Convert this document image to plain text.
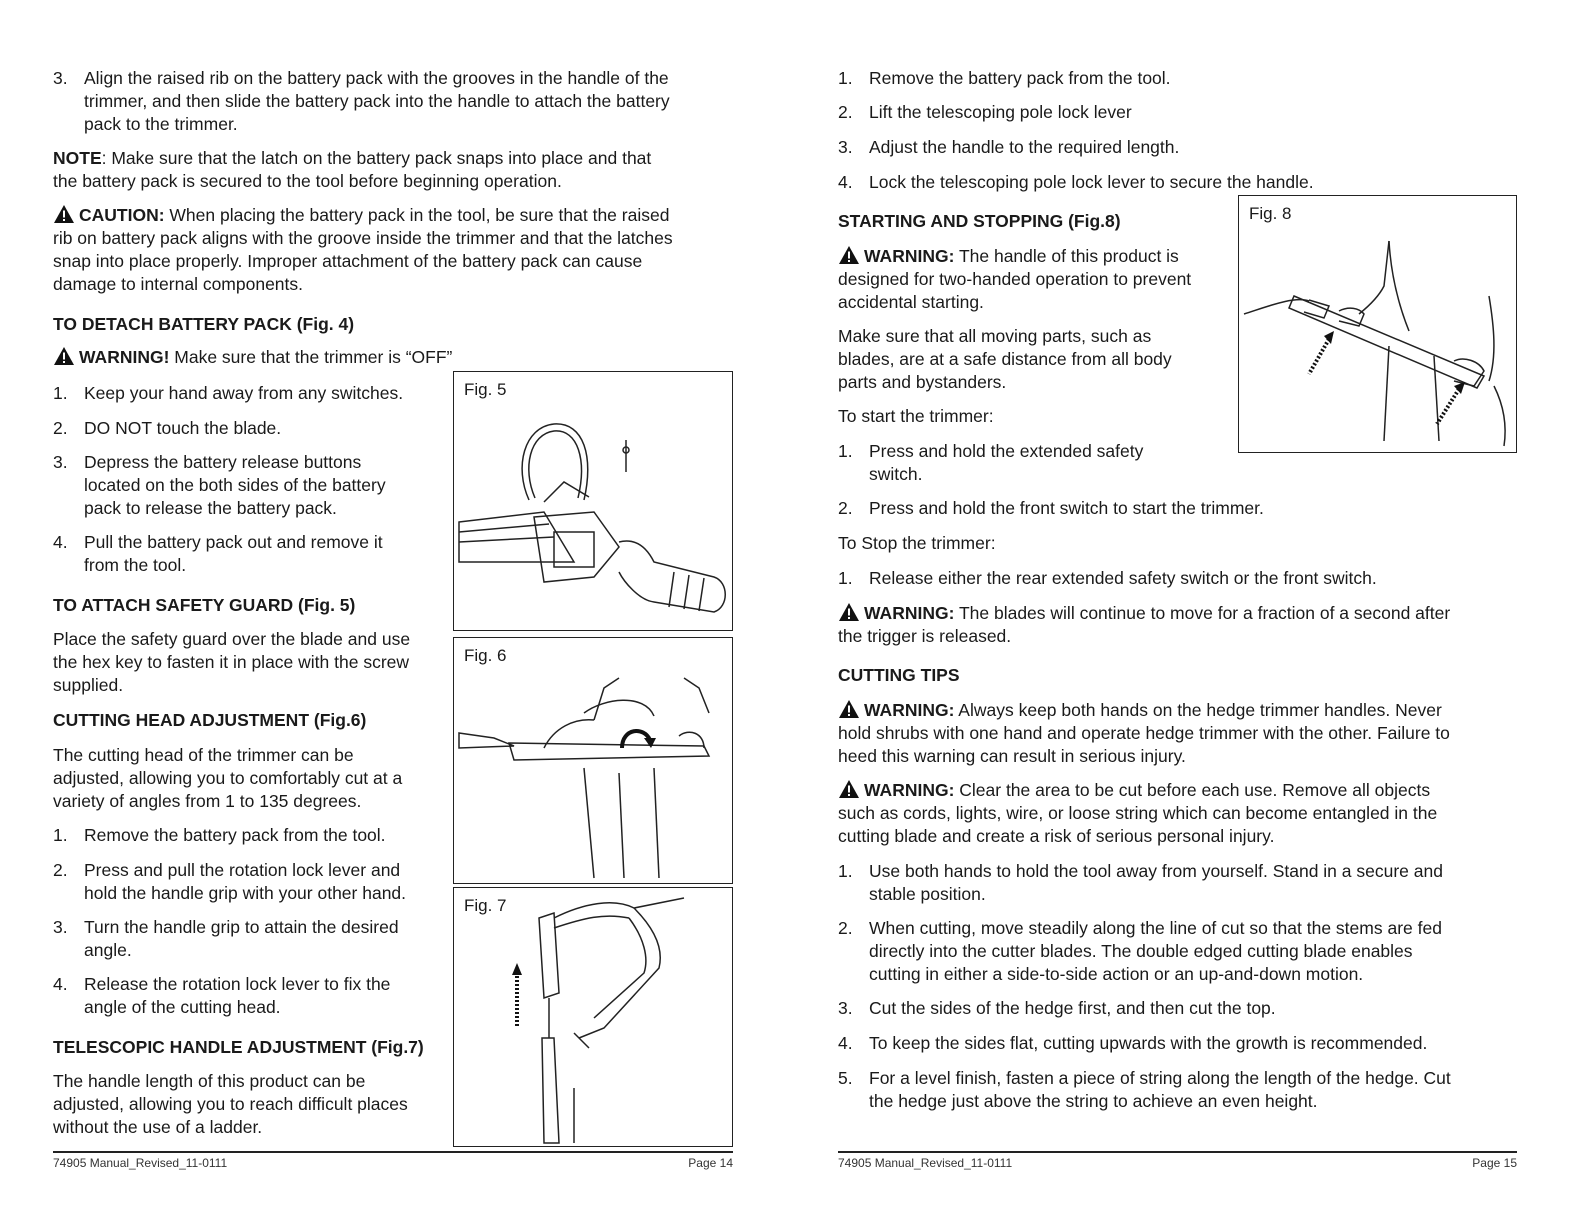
3. Align the raised rib on the battery pack with the grooves in the handle of the
trimmer, and then slide the battery pack into the handle to attach the battery
pack to the trimmer.
NOTE: Make sure that the latch on the battery pack snaps into place and that
the battery pack is secured to the tool before beginning operation.
CAUTION: When placing the battery pack in the tool, be sure that the raised
rib on battery pack aligns with the groove inside the trimmer and that the latches
snap into place properly. Improper attachment of the battery pack can cause
damage to internal components.
TO DETACH BATTERY PACK (Fig. 4)
WARNING! Make sure that the trimmer is “OFF”
1. Keep your hand away from any switches.
2. DO NOT touch the blade.
3. Depress the battery release buttons
located on the both sides of the battery
pack to release the battery pack.
4. Pull the battery pack out and remove it
from the tool.
TO ATTACH SAFETY GUARD (Fig. 5)
Place the safety guard over the blade and use
the hex key to fasten it in place with the screw
supplied.
CUTTING HEAD ADJUSTMENT (Fig.6)
The cutting head of the trimmer can be
adjusted, allowing you to comfortably cut at a
variety of angles from 1 to 135 degrees.
1. Remove the battery pack from the tool.
2. Press and pull the rotation lock lever and
hold the handle grip with your other hand.
3. Turn the handle grip to attain the desired
angle.
4. Release the rotation lock lever to fix the
angle of the cutting head.
TELESCOPIC HANDLE ADJUSTMENT (Fig.7)
The handle length of this product can be
adjusted, allowing you to reach difficult places
without the use of a ladder.
Fig. 5
Fig. 6
Fig. 7
74905 Manual_Revised_11-0111	Page 14
1. Remove the battery pack from the tool.
2. Lift the telescoping pole lock lever
3. Adjust the handle to the required length.
4. Lock the telescoping pole lock lever to secure the handle.
STARTING AND STOPPING (Fig.8)
WARNING: The handle of this product is
designed for two-handed operation to prevent
accidental starting.
Make sure that all moving parts, such as
blades, are at a safe distance from all body
parts and bystanders.
To start the trimmer:
1. Press and hold the extended safety
switch.
2. Press and hold the front switch to start the trimmer.
To Stop the trimmer:
1. Release either the rear extended safety switch or the front switch.
WARNING: The blades will continue to move for a fraction of a second after
the trigger is released.
CUTTING TIPS
WARNING: Always keep both hands on the hedge trimmer handles. Never
hold shrubs with one hand and operate hedge trimmer with the other. Failure to
heed this warning can result in serious injury.
WARNING: Clear the area to be cut before each use. Remove all objects
such as cords, lights, wire, or loose string which can become entangled in the
cutting blade and create a risk of serious personal injury.
1. Use both hands to hold the tool away from yourself. Stand in a secure and
stable position.
2. When cutting, move steadily along the line of cut so that the stems are fed
directly into the cutter blades. The double edged cutting blade enables
cutting in either a side-to-side action or an up-and-down motion.
3. Cut the sides of the hedge first, and then cut the top.
4. To keep the sides flat, cutting upwards with the growth is recommended.
5. For a level finish, fasten a piece of string along the length of the hedge. Cut
the hedge just above the string to achieve an even height.
Fig. 8
74905 Manual_Revised_11-0111	Page 15
